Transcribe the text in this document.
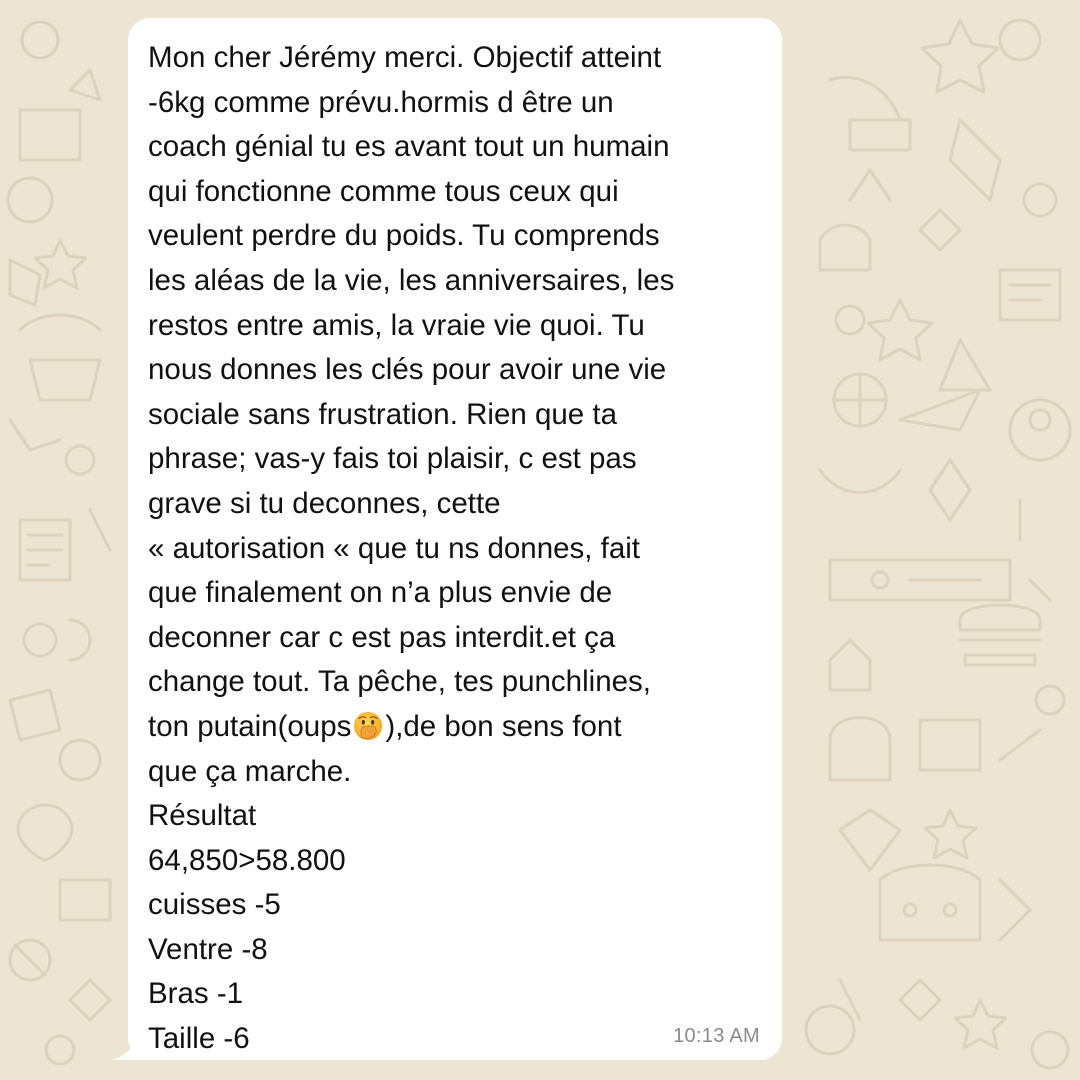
Mon cher Jérémy merci. Objectif atteint
-6kg comme prévu.hormis d être un
coach génial tu es avant tout un humain
qui fonctionne comme tous ceux qui
veulent perdre du poids. Tu comprends
les aléas de la vie, les anniversaires, les
restos entre amis, la vraie vie quoi. Tu
nous donnes les clés pour avoir une vie
sociale sans frustration. Rien que ta
phrase; vas-y fais toi plaisir, c est pas
grave si tu deconnes, cette
« autorisation « que tu ns donnes, fait
que finalement on n’a plus envie de
deconner car c est pas interdit.et ça
change tout. Ta pêche, tes punchlines,
ton putain(oups ),de bon sens font
que ça marche.
Résultat
64,850>58.800
cuisses -5
Ventre -8
Bras -1
Taille -6	10:13 AM
